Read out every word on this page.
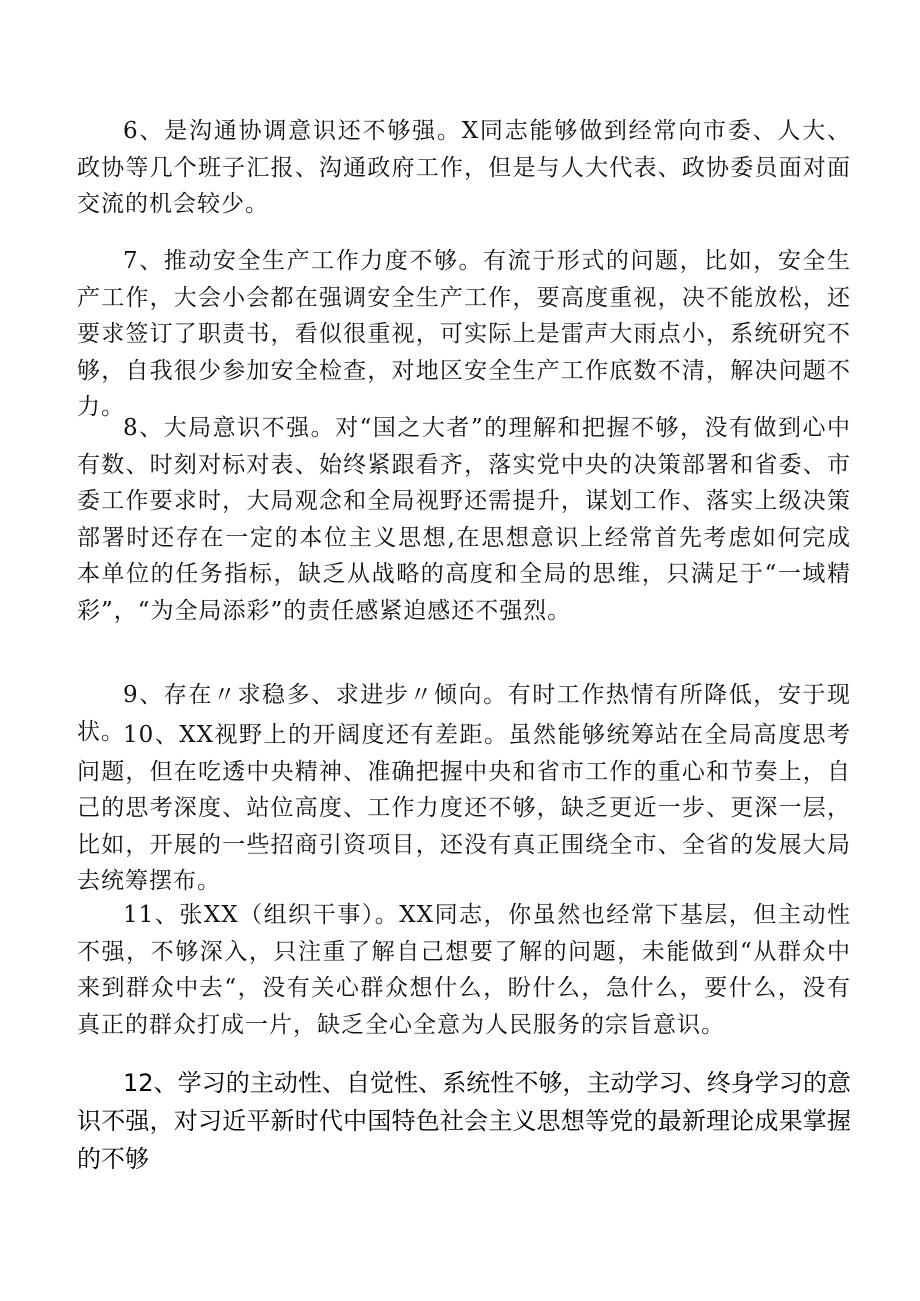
6、是沟通协调意识还不够强。X同志能够做到经常向市委、人大、政协等几个班子汇报、沟通政府工作，但是与人大代表、政协委员面对面交流的机会较少。

7、推动安全生产工作力度不够。有流于形式的问题，比如，安全生产工作，大会小会都在强调安全生产工作，要高度重视，决不能放松，还要求签订了职责书，看似很重视，可实际上是雷声大雨点小，系统研究不够，自我很少参加安全检查，对地区安全生产工作底数不清，解决问题不力。

8、大局意识不强。对“国之大者”的理解和把握不够，没有做到心中有数、时刻对标对表、始终紧跟看齐，落实党中央的决策部署和省委、市委工作要求时，大局观念和全局视野还需提升，谋划工作、落实上级决策部署时还存在一定的本位主义思想,在思想意识上经常首先考虑如何完成本单位的任务指标，缺乏从战略的高度和全局的思维，只满足于“一域精彩”，“为全局添彩”的责任感紧迫感还不强烈。

9、存在〃求稳多、求进步〃倾向。有时工作热情有所降低，安于现状。

10、XX视野上的开阔度还有差距。虽然能够统筹站在全局高度思考问题，但在吃透中央精神、准确把握中央和省市工作的重心和节奏上，自己的思考深度、站位高度、工作力度还不够，缺乏更近一步、更深一层，比如，开展的一些招商引资项目，还没有真正围绕全市、全省的发展大局去统筹摆布。

11、张XX（组织干事）。XX同志，你虽然也经常下基层，但主动性不强，不够深入，只注重了解自己想要了解的问题，未能做到“从群众中来到群众中去“，没有关心群众想什么，盼什么，急什么，要什么，没有真正的群众打成一片，缺乏全心全意为人民服务的宗旨意识。

12、学习的主动性、自觉性、系统性不够，主动学习、终身学习的意识不强，对习近平新时代中国特色社会主义思想等党的最新理论成果掌握的不够
